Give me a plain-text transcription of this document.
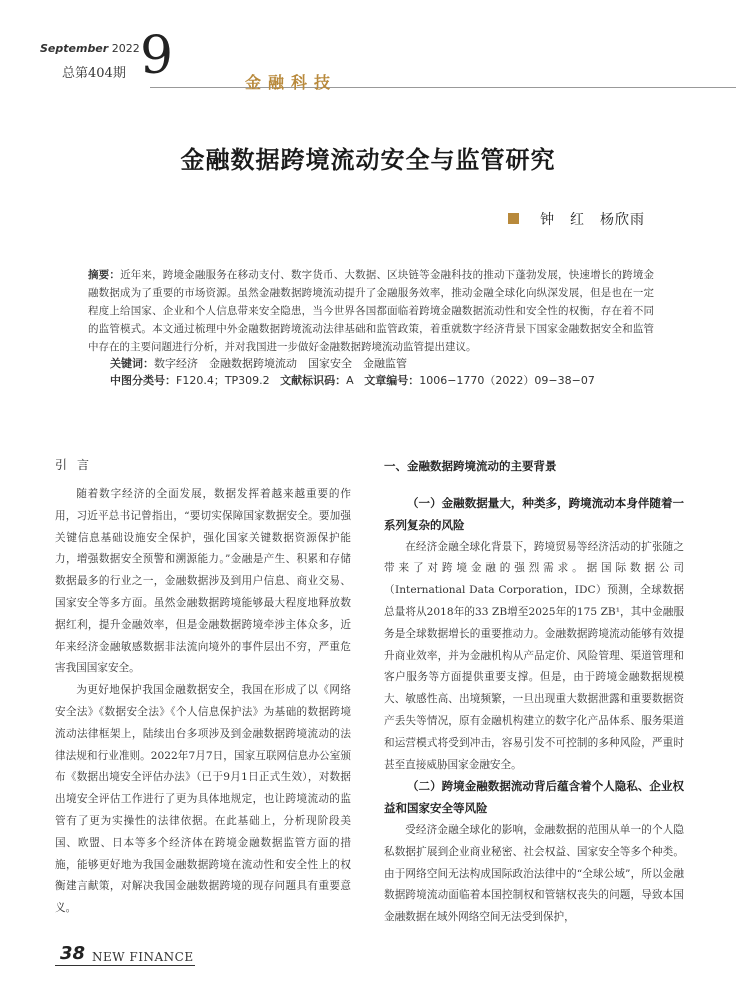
September 2022
总第404期 9	金融科技
金融数据跨境流动安全与监管研究
钟　红　杨欣雨
摘要：近年来，跨境金融服务在移动支付、数字货币、大数据、区块链等金融科技的推动下蓬勃发展，快速增长的跨境金融数据成为了重要的市场资源。虽然金融数据跨境流动提升了金融服务效率，推动金融全球化向纵深发展，但是也在一定程度上给国家、企业和个人信息带来安全隐患，当今世界各国都面临着跨境金融数据流动性和安全性的权衡，存在着不同的监管模式。本文通过梳理中外金融数据跨境流动法律基础和监管政策，着重就数字经济背景下国家金融数据安全和监管中存在的主要问题进行分析，并对我国进一步做好金融数据跨境流动监管提出建议。
关键词：数字经济　金融数据跨境流动　国家安全　金融监管
中图分类号：F120.4；TP309.2 文献标识码：A 文章编号：1006−1770（2022）09−38−07
引言

随着数字经济的全面发展，数据发挥着越来越重要的作用，习近平总书记曾指出，“要切实保障国家数据安全。要加强关键信息基础设施安全保护，强化国家关键数据资源保护能力，增强数据安全预警和溯源能力。”金融是产生、积累和存储数据最多的行业之一，金融数据涉及到用户信息、商业交易、国家安全等多方面。虽然金融数据跨境能够最大程度地释放数据红利，提升金融效率，但是金融数据跨境牵涉主体众多，近年来经济金融敏感数据非法流向境外的事件层出不穷，严重危害我国国家安全。

为更好地保护我国金融数据安全，我国在形成了以《网络安全法》《数据安全法》《个人信息保护法》为基础的数据跨境流动法律框架上，陆续出台多项涉及到金融数据跨境流动的法律法规和行业准则。2022年7月7日，国家互联网信息办公室颁布《数据出境安全评估办法》（已于9月1日正式生效），对数据出境安全评估工作进行了更为具体地规定，也让跨境流动的监管有了更为实操性的法律依据。在此基础上，分析现阶段美国、欧盟、日本等多个经济体在跨境金融数据监管方面的措施，能够更好地为我国金融数据跨境在流动性和安全性上的权衡建言献策，对解决我国金融数据跨境的现存问题具有重要意义。

一、金融数据跨境流动的主要背景

（一）金融数据量大，种类多，跨境流动本身伴随着一系列复杂的风险

在经济金融全球化背景下，跨境贸易等经济活动的扩张随之带来了对跨境金融的强烈需求。据国际数据公司（International Data Corporation，IDC）预测，全球数据总量将从2018年的33 ZB增至2025年的175 ZB¹，其中金融服务是全球数据增长的重要推动力。金融数据跨境流动能够有效提升商业效率，并为金融机构从产品定价、风险管理、渠道管理和客户服务等方面提供重要支撑。但是，由于跨境金融数据规模大、敏感性高、出境频繁，一旦出现重大数据泄露和重要数据资产丢失等情况，原有金融机构建立的数字化产品体系、服务渠道和运营模式将受到冲击，容易引发不可控制的多种风险，严重时甚至直接威胁国家金融安全。

（二）跨境金融数据流动背后蕴含着个人隐私、企业权益和国家安全等风险

受经济金融全球化的影响，金融数据的范围从单一的个人隐私数据扩展到企业商业秘密、社会权益、国家安全等多个种类。由于网络空间无法构成国际政治法律中的“全球公域”，所以金融数据跨境流动面临着本国控制权和管辖权丧失的问题，导致本国金融数据在域外网络空间无法受到保护，

38 NEW FINANCE
